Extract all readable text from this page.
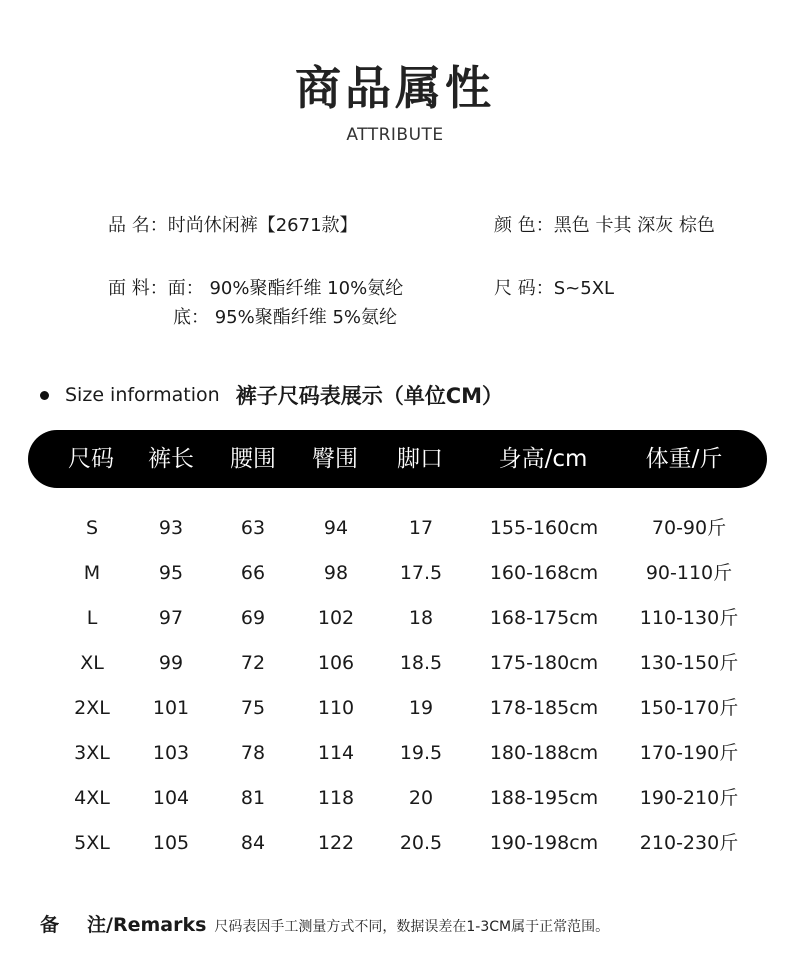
商品属性
ATTRIBUTE
品 名：时尚休闲裤【2671款】	颜 色：黑色 卡其 深灰 棕色
面 料：面： 90%聚酯纤维 10%氨纶
底： 95%聚酯纤维 5%氨纶
尺 码：S~5XL
Size information 裤子尺码表展示（单位CM）
尺码 裤长 腰围 臀围 脚口 身高/cm	体重/斤
S	93	63	94	17	155-160cm	70-90斤
M	95	66	98	17.5	160-168cm	90-110斤
L	97	69	102	18	168-175cm 110-130斤
XL	99	72	106 18.5	175-180cm 130-150斤
2XL 101	75	110	19	178-185cm 150-170斤
3XL 103	78	114 19.5	180-188cm 170-190斤
4XL 104	81	118	20	188-195cm 190-210斤
5XL 105	84	122 20.5	190-198cm 210-230斤
备注/Remarks 尺码表因手工测量方式不同，数据误差在1-3CM属于正常范围。
